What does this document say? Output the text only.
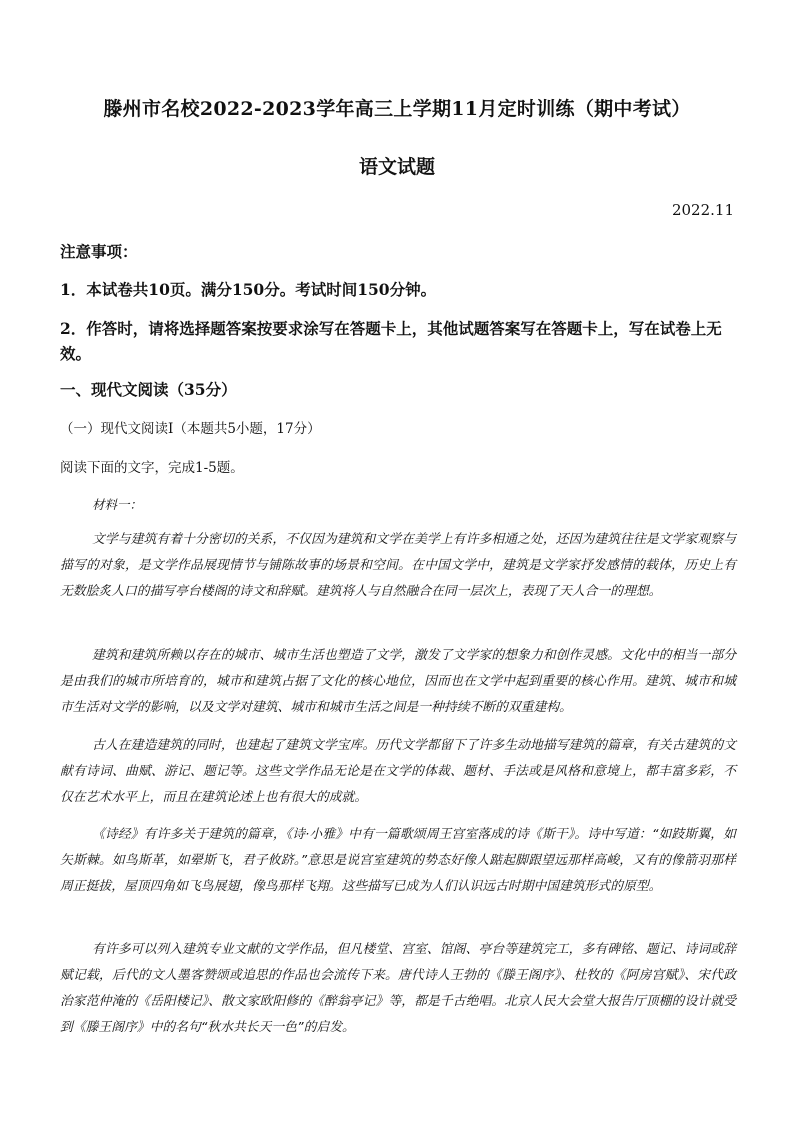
滕州市名校2022-2023学年高三上学期11月定时训练（期中考试）
语文试题
2022.11
注意事项：
1．本试卷共10页。满分150分。考试时间150分钟。
2．作答时，请将选择题答案按要求涂写在答题卡上，其他试题答案写在答题卡上，写在试卷上无效。
一、现代文阅读（35分）
（一）现代文阅读Ⅰ（本题共5小题，17分）
阅读下面的文字，完成1-5题。
材料一：
文学与建筑有着十分密切的关系，不仅因为建筑和文学在美学上有许多相通之处，还因为建筑往往是文学家观察与描写的对象，是文学作品展现情节与铺陈故事的场景和空间。在中国文学中，建筑是文学家抒发感情的载体，历史上有无数脍炙人口的描写亭台楼阁的诗文和辞赋。建筑将人与自然融合在同一层次上，表现了天人合一的理想。
建筑和建筑所赖以存在的城市、城市生活也塑造了文学，激发了文学家的想象力和创作灵感。文化中的相当一部分是由我们的城市所培育的，城市和建筑占据了文化的核心地位，因而也在文学中起到重要的核心作用。建筑、城市和城市生活对文学的影响，以及文学对建筑、城市和城市生活之间是一种持续不断的双重建构。
古人在建造建筑的同时，也建起了建筑文学宝库。历代文学都留下了许多生动地描写建筑的篇章，有关古建筑的文献有诗词、曲赋、游记、题记等。这些文学作品无论是在文学的体裁、题材、手法或是风格和意境上，都丰富多彩，不仅在艺术水平上，而且在建筑论述上也有很大的成就。
《诗经》有许多关于建筑的篇章，《诗·小雅》中有一篇歌颂周王宫室落成的诗《斯干》。诗中写道：“如跂斯翼，如矢斯棘。如鸟斯革，如翚斯飞，君子攸跻。”意思是说宫室建筑的势态好像人踮起脚跟望远那样高峻，又有的像箭羽那样周正挺拔，屋顶四角如飞鸟展翅，像鸟那样飞翔。这些描写已成为人们认识远古时期中国建筑形式的原型。
有许多可以列入建筑专业文献的文学作品，但凡楼堂、宫室、馆阁、亭台等建筑完工，多有碑铭、题记、诗词或辞赋记载，后代的文人墨客赞颂或追思的作品也会流传下来。唐代诗人王勃的《滕王阁序》、杜牧的《阿房宫赋》、宋代政治家范仲淹的《岳阳楼记》、散文家欧阳修的《醉翁亭记》等，都是千古绝唱。北京人民大会堂大报告厅顶棚的设计就受到《滕王阁序》中的名句“秋水共长天一色”的启发。
